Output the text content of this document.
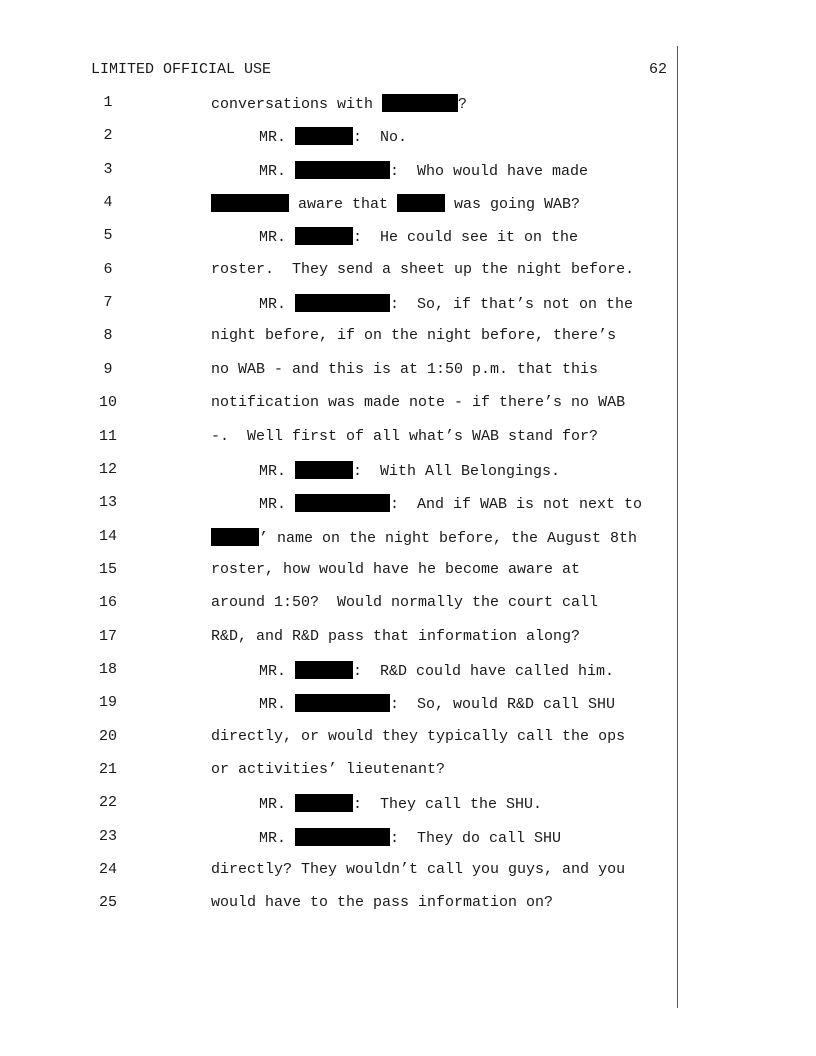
LIMITED OFFICIAL USE	62
1	conversations with	?
2	MR.	:  No.
3	MR.	:  Who would have made
4	aware that	was going WAB?
5	MR.	:  He could see it on the
6	roster.  They send a sheet up the night before.
7	MR.	:  So, if that’s not on the
8	night before, if on the night before, there’s
9	no WAB - and this is at 1:50 p.m. that this
10	notification was made note - if there’s no WAB
11	-.  Well first of all what’s WAB stand for?
12	MR.	:  With All Belongings.
13	MR.	:  And if WAB is not next to
14	’ name on the night before, the August 8th
15	roster, how would have he become aware at
16	around 1:50?  Would normally the court call
17	R&D, and R&D pass that information along?
18	MR.	:  R&D could have called him.
19	MR.	:  So, would R&D call SHU
20	directly, or would they typically call the ops
21	or activities’ lieutenant?
22	MR.	:  They call the SHU.
23	MR.	:  They do call SHU
24	directly? They wouldn’t call you guys, and you
25	would have to the pass information on?
